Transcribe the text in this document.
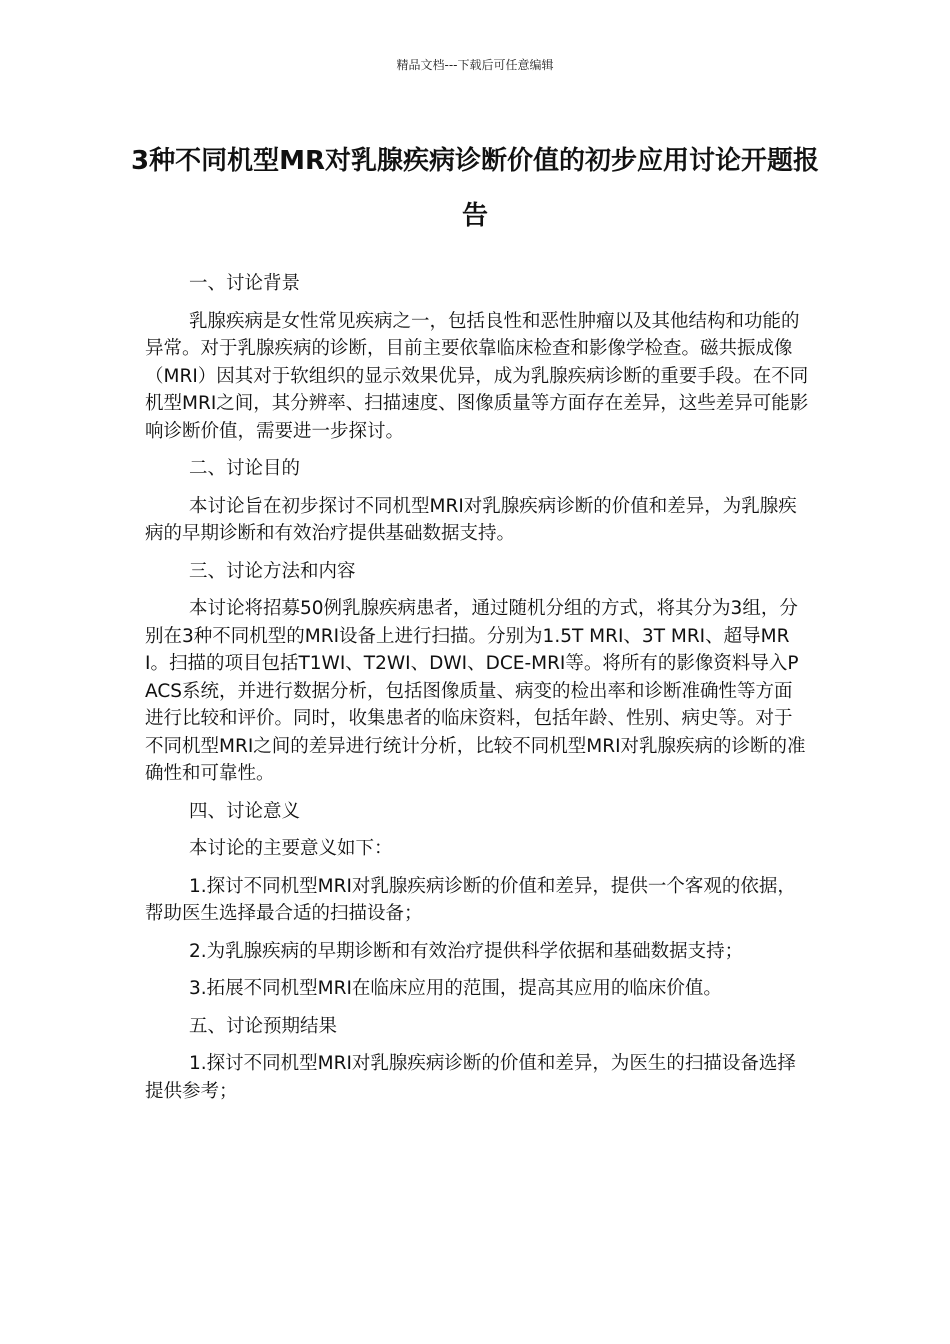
精品文档---下载后可任意编辑
3种不同机型MR对乳腺疾病诊断价值的初步应用讨论开题报告
一、讨论背景
乳腺疾病是女性常见疾病之一，包括良性和恶性肿瘤以及其他结构和功能的异常。对于乳腺疾病的诊断，目前主要依靠临床检查和影像学检查。磁共振成像（MRI）因其对于软组织的显示效果优异，成为乳腺疾病诊断的重要手段。在不同机型MRI之间，其分辨率、扫描速度、图像质量等方面存在差异，这些差异可能影响诊断价值，需要进一步探讨。
二、讨论目的
本讨论旨在初步探讨不同机型MRI对乳腺疾病诊断的价值和差异，为乳腺疾病的早期诊断和有效治疗提供基础数据支持。
三、讨论方法和内容
本讨论将招募50例乳腺疾病患者，通过随机分组的方式，将其分为3组，分别在3种不同机型的MRI设备上进行扫描。分别为1.5T MRI、3T MRI、超导MRI。扫描的项目包括T1WI、T2WI、DWI、DCE-MRI等。将所有的影像资料导入PACS系统，并进行数据分析，包括图像质量、病变的检出率和诊断准确性等方面进行比较和评价。同时，收集患者的临床资料，包括年龄、性别、病史等。对于不同机型MRI之间的差异进行统计分析，比较不同机型MRI对乳腺疾病的诊断的准确性和可靠性。
四、讨论意义
本讨论的主要意义如下：
1.探讨不同机型MRI对乳腺疾病诊断的价值和差异，提供一个客观的依据，帮助医生选择最合适的扫描设备；
2.为乳腺疾病的早期诊断和有效治疗提供科学依据和基础数据支持；
3.拓展不同机型MRI在临床应用的范围，提高其应用的临床价值。
五、讨论预期结果
1.探讨不同机型MRI对乳腺疾病诊断的价值和差异，为医生的扫描设备选择提供参考；
